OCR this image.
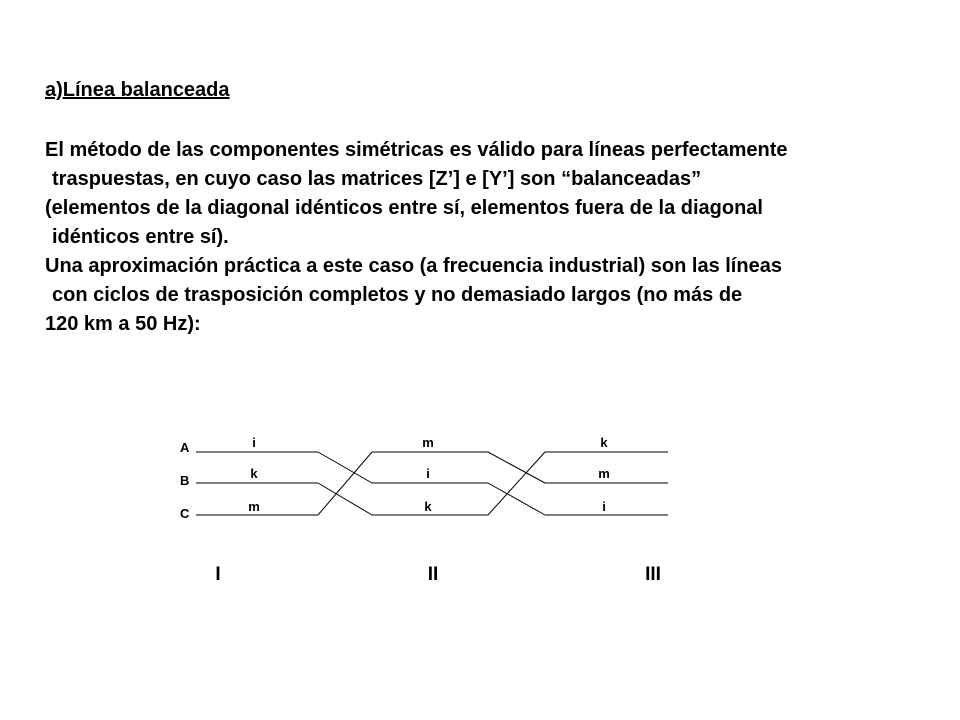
a)Línea balanceada
El método de las componentes simétricas es válido para líneas perfectamente
traspuestas, en cuyo caso las matrices [Z’] e [Y’] son “balanceadas”
(elementos de la diagonal idénticos entre sí, elementos fuera de la diagonal
idénticos entre sí).
Una aproximación práctica a este caso (a frecuencia industrial) son las líneas
con ciclos de trasposición completos y no demasiado largos (no más de
120 km a 50 Hz):
A
B
C
i
k
m
m
i
k
k
m
i
I	II	III
